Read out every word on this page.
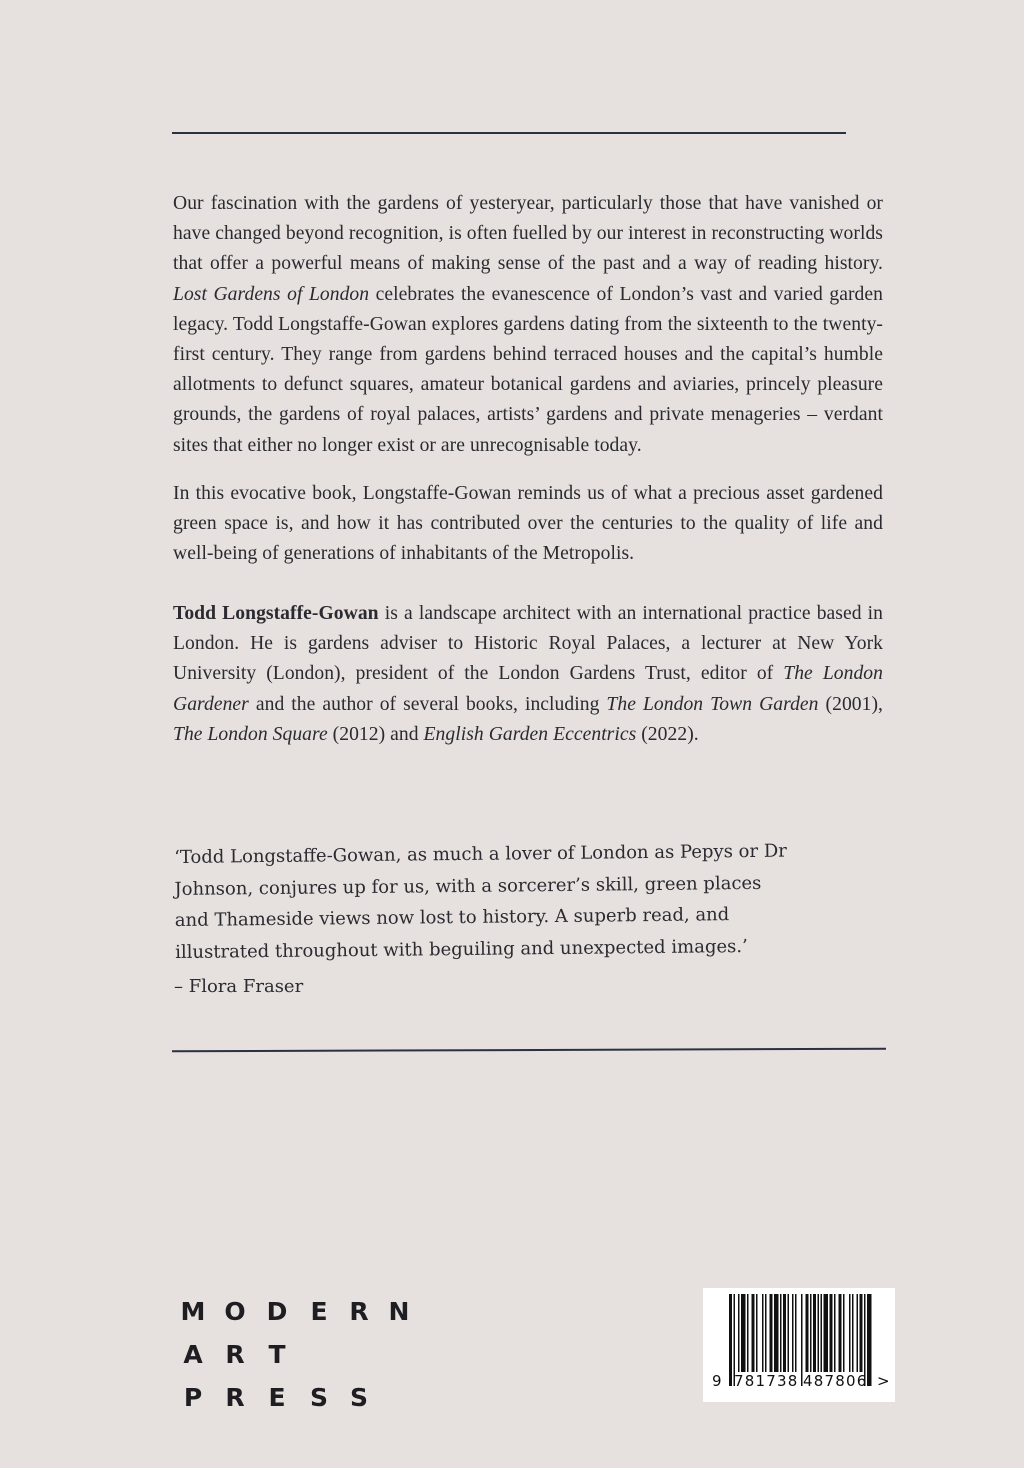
Our fascination with the gardens of yesteryear, particularly those that have vanished or have changed beyond recognition, is often fuelled by our interest in reconstructing worlds that offer a powerful means of making sense of the past and a way of reading history. Lost Gardens of London celebrates the evanescence of London’s vast and varied garden legacy. Todd Longstaffe-Gowan explores gardens dating from the sixteenth to the twenty-first century. They range from gardens behind terraced houses and the capital’s humble allotments to defunct squares, amateur botanical gardens and aviaries, princely pleasure grounds, the gardens of royal palaces, artists’ gardens and private menageries – verdant sites that either no longer exist or are unrecognisable today.

In this evocative book, Longstaffe-Gowan reminds us of what a precious asset gardened green space is, and how it has contributed over the centuries to the quality of life and well-being of generations of inhabitants of the Metropolis.

Todd Longstaffe-Gowan is a landscape architect with an international practice based in London. He is gardens adviser to Historic Royal Palaces, a lecturer at New York University (London), president of the London Gardens Trust, editor of The London Gardener and the author of several books, including The London Town Garden (2001), The London Square (2012) and English Garden Eccentrics (2022).

‘Todd Longstaffe-Gowan, as much a lover of London as Pepys or Dr Johnson, conjures up for us, with a sorcerer’s skill, green places and Thameside views now lost to history. A superb read, and illustrated throughout with beguiling and unexpected images.’
– Flora Fraser
M O D E R N
A R T
P R E S S
9 781738 487806 >
